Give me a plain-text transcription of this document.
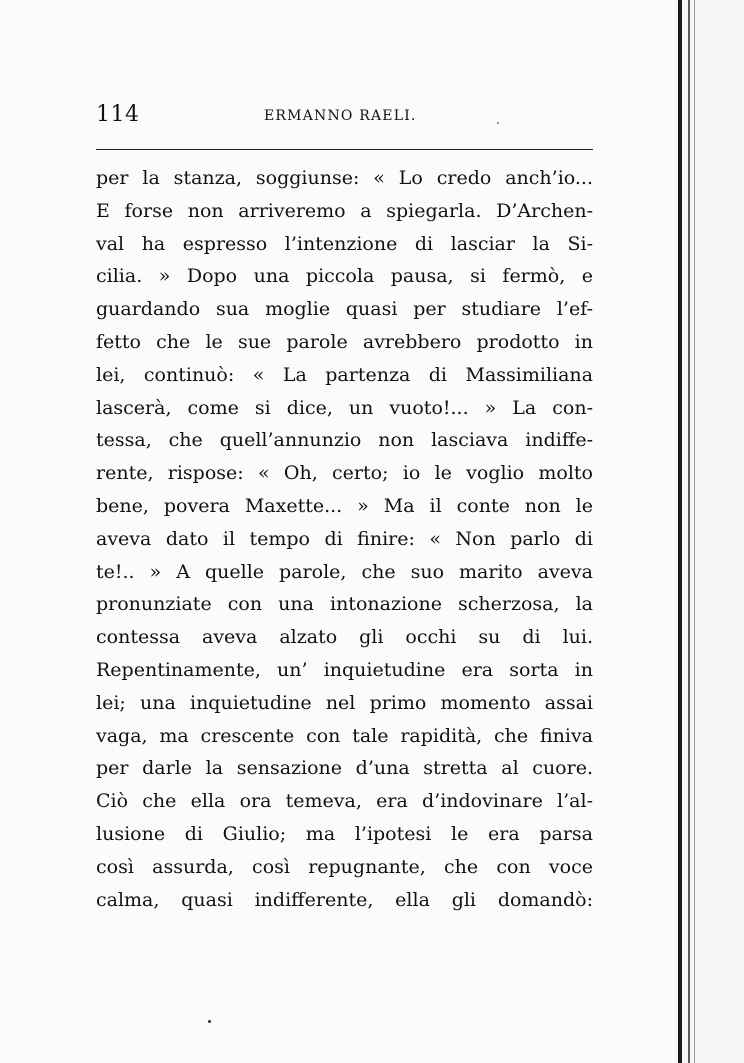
114	ERMANNO RAELI.
per la stanza, soggiunse: « Lo credo anch’io...
E forse non arriveremo a spiegarla. D’Archen-
val ha espresso l’intenzione di lasciar la Si-
cilia. » Dopo una piccola pausa, si fermò, e
guardando sua moglie quasi per studiare l’ef-
fetto che le sue parole avrebbero prodotto in
lei, continuò: « La partenza di Massimiliana
lascerà, come si dice, un vuoto!... » La con-
tessa, che quell’annunzio non lasciava indiffe-
rente, rispose: « Oh, certo; io le voglio molto
bene, povera Maxette... » Ma il conte non le
aveva dato il tempo di finire: « Non parlo di
te!.. » A quelle parole, che suo marito aveva
pronunziate con una intonazione scherzosa, la
contessa aveva alzato gli occhi su di lui.
Repentinamente, un’ inquietudine era sorta in
lei; una inquietudine nel primo momento assai
vaga, ma crescente con tale rapidità, che finiva
per darle la sensazione d’una stretta al cuore.
Ciò che ella ora temeva, era d’indovinare l’al-
lusione di Giulio; ma l’ipotesi le era parsa
così assurda, così repugnante, che con voce
calma, quasi indifferente, ella gli domandò:
